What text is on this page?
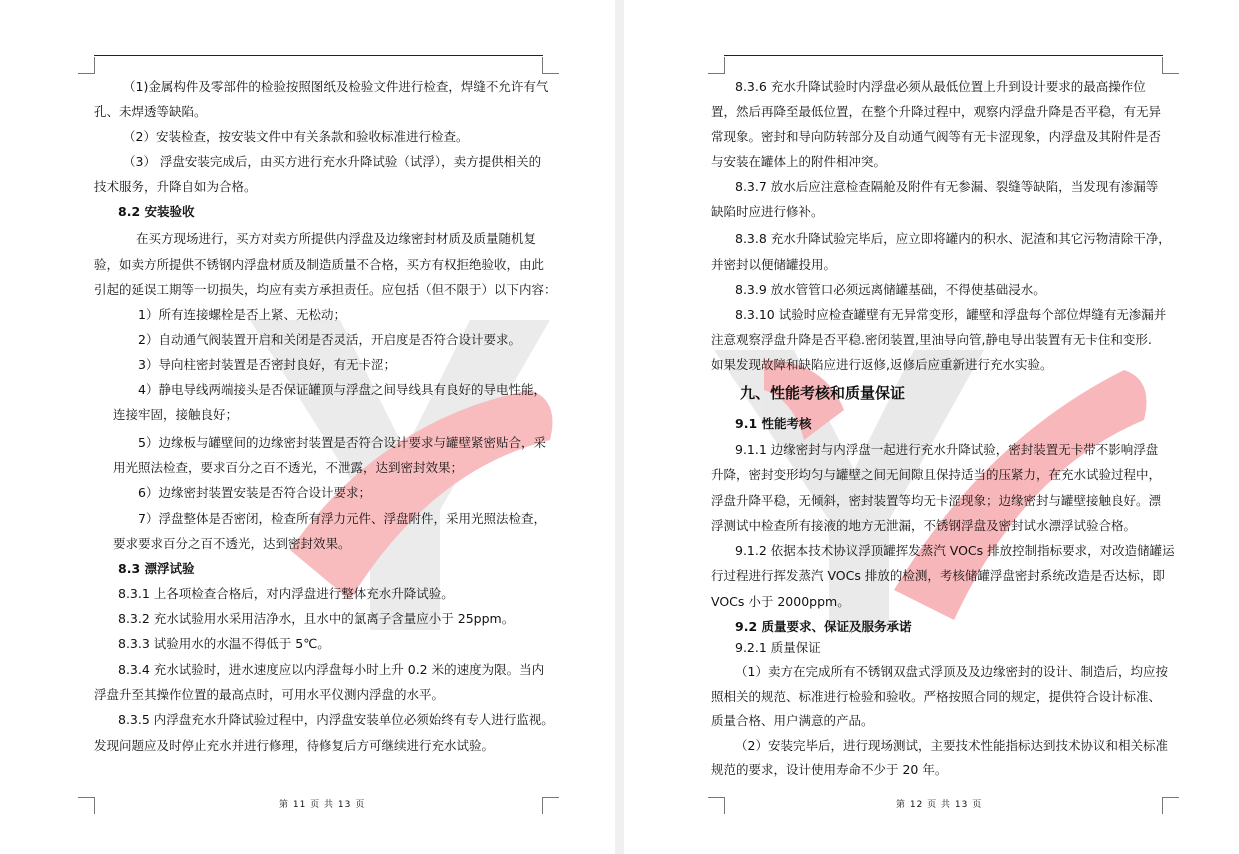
（1)金属构件及零部件的检验按照图纸及检验文件进行检查，焊缝不允许有气
孔、未焊透等缺陷。
（2）安装检查，按安装文件中有关条款和验收标准进行检查。
（3） 浮盘安装完成后，由买方进行充水升降试验（试浮），卖方提供相关的
技术服务，升降自如为合格。
8.2 安装验收
在买方现场进行，买方对卖方所提供内浮盘及边缘密封材质及质量随机复
验，如卖方所提供不锈钢内浮盘材质及制造质量不合格，买方有权拒绝验收，由此
引起的延误工期等一切损失，均应有卖方承担责任。应包括（但不限于）以下内容：
1）所有连接螺栓是否上紧、无松动；
2）自动通气阀装置开启和关闭是否灵活，开启度是否符合设计要求。
3）导向柱密封装置是否密封良好，有无卡涩；
4）静电导线两端接头是否保证罐顶与浮盘之间导线具有良好的导电性能，
连接牢固，接触良好；
5）边缘板与罐壁间的边缘密封装置是否符合设计要求与罐壁紧密贴合，采
用光照法检查，要求百分之百不透光，不泄露，达到密封效果；
6）边缘密封装置安装是否符合设计要求；
7）浮盘整体是否密闭，检查所有浮力元件、浮盘附件，采用光照法检查，
要求要求百分之百不透光，达到密封效果。
8.3 漂浮试验
8.3.1 上各项检查合格后，对内浮盘进行整体充水升降试验。
8.3.2 充水试验用水采用洁净水，且水中的氯离子含量应小于 25ppm。
8.3.3 试验用水的水温不得低于 5℃。
8.3.4 充水试验时，进水速度应以内浮盘每小时上升 0.2 米的速度为限。当内
浮盘升至其操作位置的最高点时，可用水平仪测内浮盘的水平。
8.3.5 内浮盘充水升降试验过程中，内浮盘安装单位必须始终有专人进行监视。
发现问题应及时停止充水并进行修理，待修复后方可继续进行充水试验。
第 11 页 共 13 页
8.3.6 充水升降试验时内浮盘必须从最低位置上升到设计要求的最高操作位
置，然后再降至最低位置，在整个升降过程中，观察内浮盘升降是否平稳，有无异
常现象。密封和导向防转部分及自动通气阀等有无卡涩现象，内浮盘及其附件是否
与安装在罐体上的附件相冲突。
8.3.7 放水后应注意检查隔舱及附件有无参漏、裂缝等缺陷，当发现有渗漏等
缺陷时应进行修补。
8.3.8 充水升降试验完毕后，应立即将罐内的积水、泥渣和其它污物清除干净，
并密封以便储罐投用。
8.3.9 放水管管口必须远离储罐基础，不得使基础浸水。
8.3.10 试验时应检查罐壁有无异常变形，罐壁和浮盘每个部位焊缝有无渗漏并
注意观察浮盘升降是否平稳.密闭装置,里油导向管,静电导出装置有无卡住和变形.
如果发现故障和缺陷应进行返修,返修后应重新进行充水实验。
九、性能考核和质量保证
9.1 性能考核
9.1.1 边缘密封与内浮盘一起进行充水升降试验，密封装置无卡带不影响浮盘
升降，密封变形均匀与罐壁之间无间隙且保持适当的压紧力，在充水试验过程中，
浮盘升降平稳，无倾斜，密封装置等均无卡涩现象；边缘密封与罐壁接触良好。漂
浮测试中检查所有接液的地方无泄漏，不锈钢浮盘及密封试水漂浮试验合格。
9.1.2 依据本技术协议浮顶罐挥发蒸汽 VOCs 排放控制指标要求，对改造储罐运
行过程进行挥发蒸汽 VOCs 排放的检测，考核储罐浮盘密封系统改造是否达标，即
VOCs 小于 2000ppm。
9.2 质量要求、保证及服务承诺
9.2.1 质量保证
（1）卖方在完成所有不锈钢双盘式浮顶及及边缘密封的设计、制造后，均应按
照相关的规范、标准进行检验和验收。严格按照合同的规定，提供符合设计标准、
质量合格、用户满意的产品。
（2）安装完毕后，进行现场测试，主要技术性能指标达到技术协议和相关标准
规范的要求，设计使用寿命不少于 20 年。
第 12 页 共 13 页
